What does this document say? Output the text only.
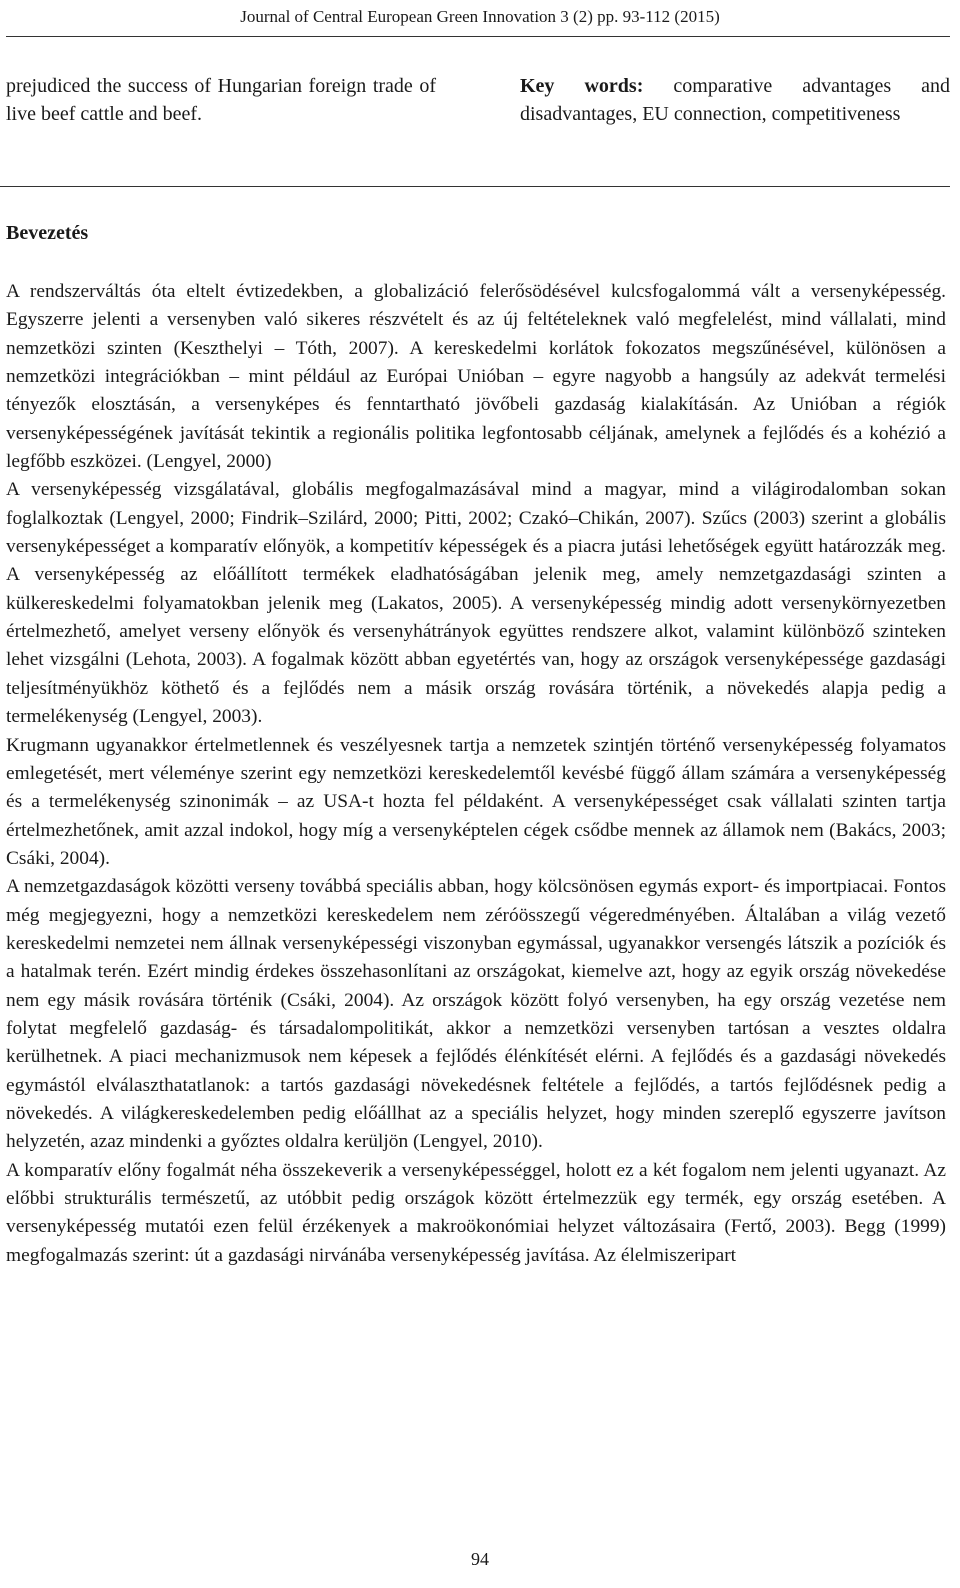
Journal of Central European Green Innovation 3 (2) pp. 93-112 (2015)

prejudiced the success of Hungarian foreign trade of live beef cattle and beef.

Key words: comparative advantages and disadvantages, EU connection, competitiveness

Bevezetés

A rendszerváltás óta eltelt évtizedekben, a globalizáció felerősödésével kulcsfogalommá vált a versenyképesség. Egyszerre jelenti a versenyben való sikeres részvételt és az új feltételeknek való megfelelést, mind vállalati, mind nemzetközi szinten (Keszthelyi – Tóth, 2007). A kereskedelmi korlátok fokozatos megszűnésével, különösen a nemzetközi integrációkban – mint például az Európai Unióban – egyre nagyobb a hangsúly az adekvát termelési tényezők elosztásán, a versenyképes és fenntartható jövőbeli gazdaság kialakításán. Az Unióban a régiók versenyképességének javítását tekintik a regionális politika legfontosabb céljának, amelynek a fejlődés és a kohézió a legfőbb eszközei. (Lengyel, 2000)

A versenyképesség vizsgálatával, globális megfogalmazásával mind a magyar, mind a világirodalomban sokan foglalkoztak (Lengyel, 2000; Findrik–Szilárd, 2000; Pitti, 2002; Czakó–Chikán, 2007). Szűcs (2003) szerint a globális versenyképességet a komparatív előnyök, a kompetitív képességek és a piacra jutási lehetőségek együtt határozzák meg. A versenyképesség az előállított termékek eladhatóságában jelenik meg, amely nemzetgazdasági szinten a külkereskedelmi folyamatokban jelenik meg (Lakatos, 2005). A versenyképesség mindig adott versenykörnyezetben értelmezhető, amelyet verseny előnyök és versenyhátrányok együttes rendszere alkot, valamint különböző szinteken lehet vizsgálni (Lehota, 2003). A fogalmak között abban egyetértés van, hogy az országok versenyképessége gazdasági teljesítményükhöz köthető és a fejlődés nem a másik ország rovására történik, a növekedés alapja pedig a termelékenység (Lengyel, 2003).

Krugmann ugyanakkor értelmetlennek és veszélyesnek tartja a nemzetek szintjén történő versenyképesség folyamatos emlegetését, mert véleménye szerint egy nemzetközi kereskedelemtől kevésbé függő állam számára a versenyképesség és a termelékenység szinonimák – az USA-t hozta fel példaként. A versenyképességet csak vállalati szinten tartja értelmezhetőnek, amit azzal indokol, hogy míg a versenyképtelen cégek csődbe mennek az államok nem (Bakács, 2003; Csáki, 2004).

A nemzetgazdaságok közötti verseny továbbá speciális abban, hogy kölcsönösen egymás export- és importpiacai. Fontos még megjegyezni, hogy a nemzetközi kereskedelem nem zéróösszegű végeredményében. Általában a világ vezető kereskedelmi nemzetei nem állnak versenyképességi viszonyban egymással, ugyanakkor versengés látszik a pozíciók és a hatalmak terén. Ezért mindig érdekes összehasonlítani az országokat, kiemelve azt, hogy az egyik ország növekedése nem egy másik rovására történik (Csáki, 2004). Az országok között folyó versenyben, ha egy ország vezetése nem folytat megfelelő gazdaság- és társadalompolitikát, akkor a nemzetközi versenyben tartósan a vesztes oldalra kerülhetnek. A piaci mechanizmusok nem képesek a fejlődés élénkítését elérni. A fejlődés és a gazdasági növekedés egymástól elválaszthatatlanok: a tartós gazdasági növekedésnek feltétele a fejlődés, a tartós fejlődésnek pedig a növekedés. A világkereskedelemben pedig előállhat az a speciális helyzet, hogy minden szereplő egyszerre javítson helyzetén, azaz mindenki a győztes oldalra kerüljön (Lengyel, 2010).

A komparatív előny fogalmát néha összekeverik a versenyképességgel, holott ez a két fogalom nem jelenti ugyanazt. Az előbbi strukturális természetű, az utóbbit pedig országok között értelmezzük egy termék, egy ország esetében. A versenyképesség mutatói ezen felül érzékenyek a makroökonómiai helyzet változásaira (Fertő, 2003). Begg (1999) megfogalmazás szerint: út a gazdasági nirvánába versenyképesség javítása. Az élelmiszeripart

94
